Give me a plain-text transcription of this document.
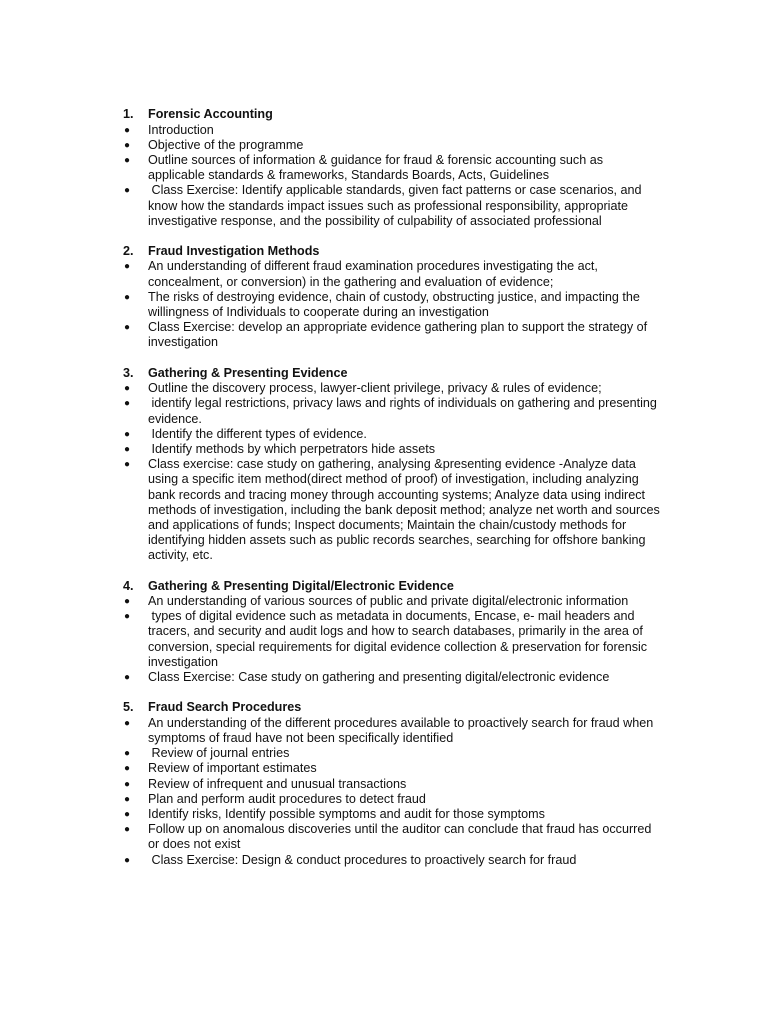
1. Forensic Accounting
● Introduction
● Objective of the programme
● Outline sources of information & guidance for fraud & forensic accounting such as
applicable standards & frameworks, Standards Boards, Acts, Guidelines
● Class Exercise: Identify applicable standards, given fact patterns or case scenarios, and
know how the standards impact issues such as professional responsibility, appropriate
investigative response, and the possibility of culpability of associated professional
2. Fraud Investigation Methods
● An understanding of different fraud examination procedures investigating the act,
concealment, or conversion) in the gathering and evaluation of evidence;
● The risks of destroying evidence, chain of custody, obstructing justice, and impacting the
willingness of Individuals to cooperate during an investigation
● Class Exercise: develop an appropriate evidence gathering plan to support the strategy of
investigation
3. Gathering & Presenting Evidence
● Outline the discovery process, lawyer-client privilege, privacy & rules of evidence;
● identify legal restrictions, privacy laws and rights of individuals on gathering and presenting
evidence.
● Identify the different types of evidence.
● Identify methods by which perpetrators hide assets
● Class exercise: case study on gathering, analysing &presenting evidence -Analyze data
using a specific item method(direct method of proof) of investigation, including analyzing
bank records and tracing money through accounting systems; Analyze data using indirect
methods of investigation, including the bank deposit method; analyze net worth and sources
and applications of funds; Inspect documents; Maintain the chain/custody methods for
identifying hidden assets such as public records searches, searching for offshore banking
activity, etc.
4. Gathering & Presenting Digital/Electronic Evidence
● An understanding of various sources of public and private digital/electronic information
● types of digital evidence such as metadata in documents, Encase, e- mail headers and
tracers, and security and audit logs and how to search databases, primarily in the area of
conversion, special requirements for digital evidence collection & preservation for forensic
investigation
● Class Exercise: Case study on gathering and presenting digital/electronic evidence
5. Fraud Search Procedures
● An understanding of the different procedures available to proactively search for fraud when
symptoms of fraud have not been specifically identified
● Review of journal entries
● Review of important estimates
● Review of infrequent and unusual transactions
● Plan and perform audit procedures to detect fraud
● Identify risks, Identify possible symptoms and audit for those symptoms
● Follow up on anomalous discoveries until the auditor can conclude that fraud has occurred
or does not exist
● Class Exercise: Design & conduct procedures to proactively search for fraud
